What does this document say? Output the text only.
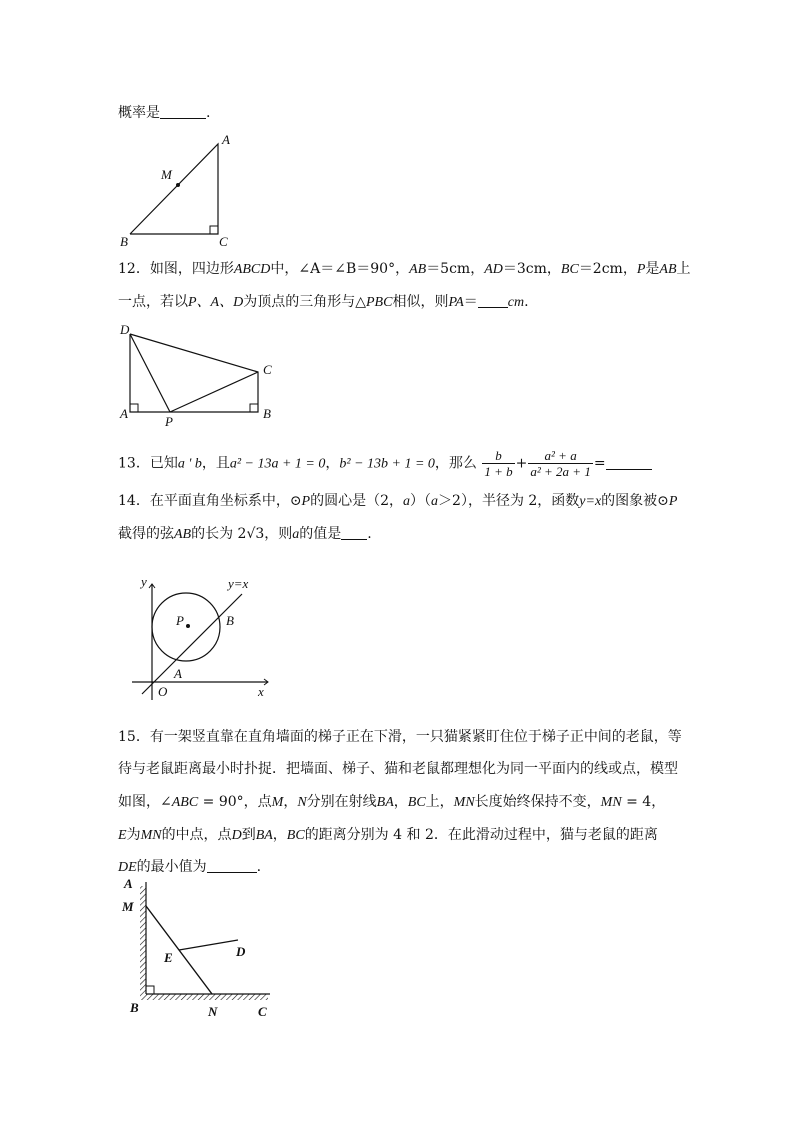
概率是	.
A
M
B	C
12．如图，四边形ABCD中，∠A＝∠B＝90°，AB＝5cm，AD＝3cm，BC＝2cm，P是AB上
一点，若以P、A、D为顶点的三角形与△PBC相似，则PA＝ cm.
D
C
A
P
B
13．已知a ' b，且a² − 13a + 1 = 0，b² − 13b + 1 = 0，那么 $\frac{b}{1 + b} + \frac{\text{a² + a}}{\text{a² + 2a + 1}}$ =
14．在平面直角坐标系中，⊙P的圆心是（2，a）（a＞2），半径为 2，函数y=x的图象被⊙P
截得的弦AB的长为 2√3，则a的值是 .
y	y=x
P	B
A
O	x
15．有一架竖直靠在直角墙面的梯子正在下滑，一只猫紧紧盯住位于梯子正中间的老鼠，等
待与老鼠距离最小时扑捉．把墙面、梯子、猫和老鼠都理想化为同一平面内的线或点，模型
如图，∠ABC = 90°，点M，N分别在射线BA，BC上，MN长度始终保持不变，MN = 4，
E为MN的中点，点D到BA，BC的距离分别为 4 和 2．在此滑动过程中，猫与老鼠的距离
DE的最小值为	.
A
M
E	D
B	N	C
